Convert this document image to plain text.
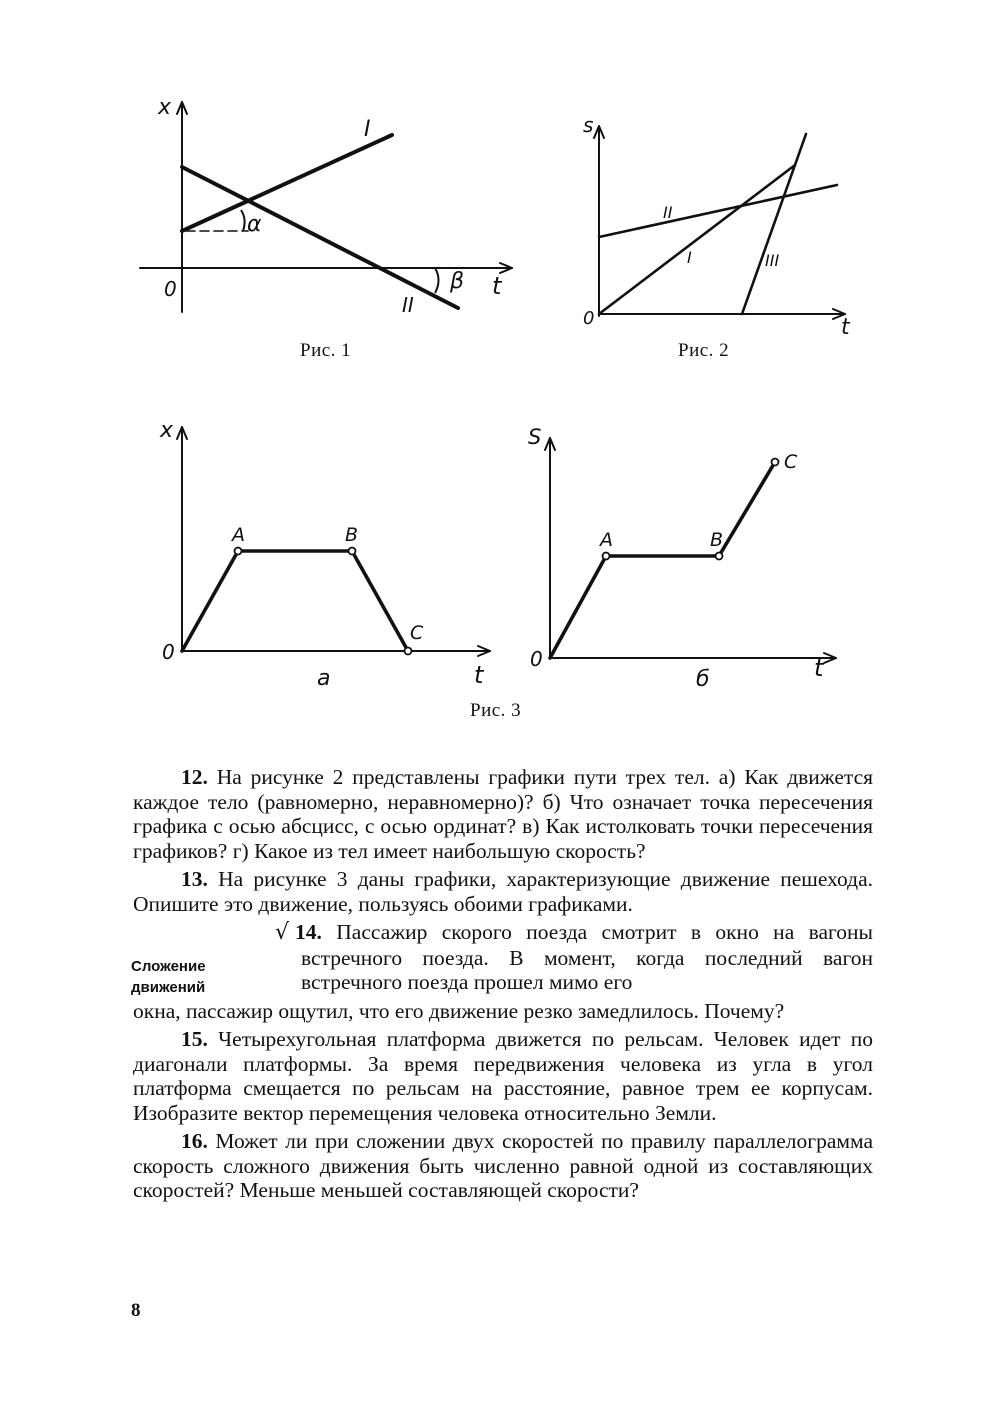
x
t
0
I
II
α
β
Рис. 1
s
t
0
I
II
III
Рис. 2
x
t
0
A	B
C
a
S
t
0
A	B
C
б
Рис. 3
Сложение
движений

12. На рисунке 2 представлены графики пути трех тел. а) Как движется каждое тело (равномерно, неравномерно)? б) Что означает точка пересечения графика с осью абсцисс, с осью ординат? в) Как истолковать точки пересечения графиков? г) Какое из тел имеет наибольшую скорость?

13. На рисунке 3 даны графики, характеризующие движение пешехода. Опишите это движение, пользуясь обоими графиками.

√ 14. Пассажир скорого поезда смотрит в окно на вагоны встречного поезда. В момент, когда последний вагон встречного поезда прошел мимо его

окна, пассажир ощутил, что его движение резко замедлилось. Почему?

15. Четырехугольная платформа движется по рельсам. Человек идет по диагонали платформы. За время передвижения человека из угла в угол платформа смещается по рельсам на расстояние, равное трем ее корпусам. Изобразите вектор перемещения человека относительно Земли.

16. Может ли при сложении двух скоростей по правилу параллелограмма скорость сложного движения быть численно равной одной из составляющих скоростей? Меньше меньшей составляющей скорости?

8
